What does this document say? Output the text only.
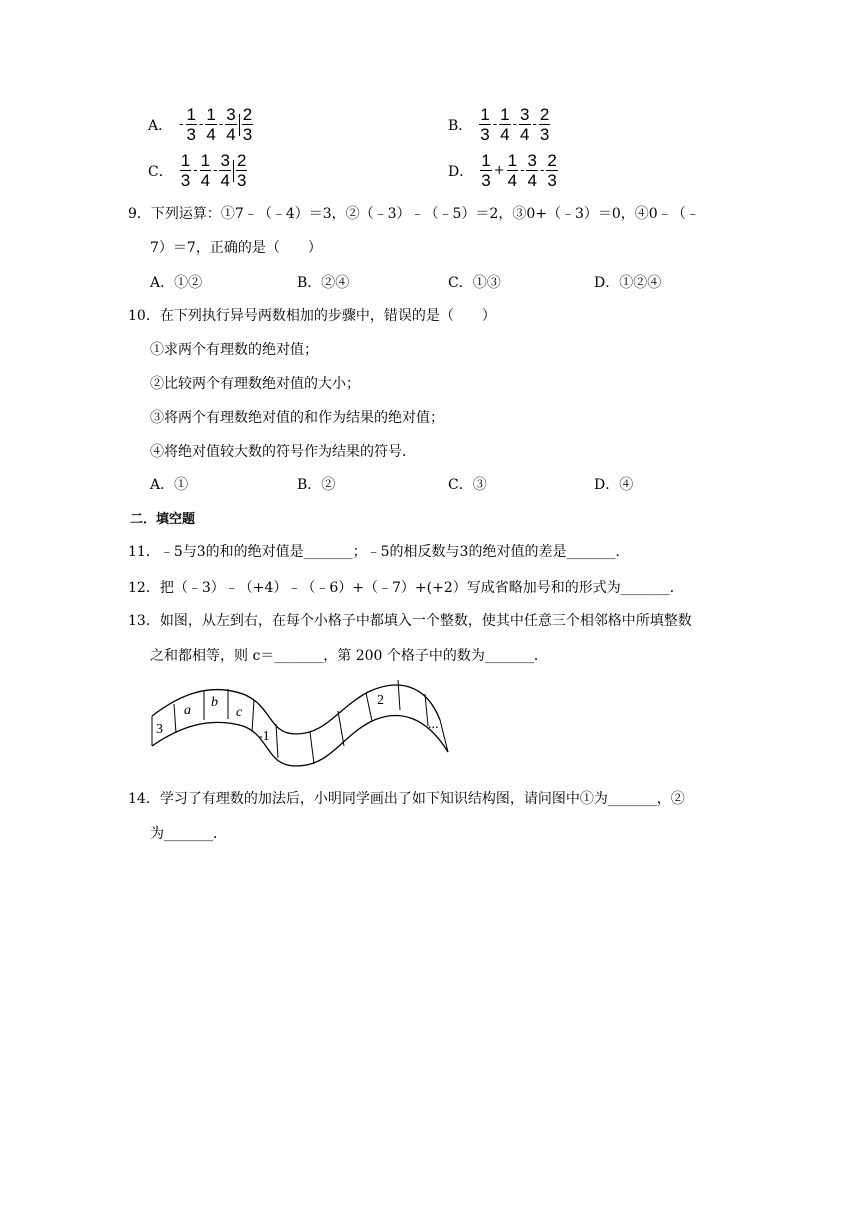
A． - $\frac{1}{3} - \frac{1}{4} - \frac{3}{4} \frac{2}{3}$	B． $\frac{1}{3} - \frac{1}{4} - \frac{3}{4} - \frac{2}{3}$
C． $\frac{1}{3} - \frac{1}{4} - \frac{3}{4} \frac{2}{3}$	D． $\frac{1}{3} + \frac{1}{4} - \frac{3}{4} - \frac{2}{3}$
9．下列运算：①7﹣（﹣4）＝3，②（﹣3）﹣（﹣5）＝2，③0+（﹣3）＝0，④0﹣（﹣
7）＝7，正确的是（　　）
A．①②	B．②④	C．①③	D．①②④
10．在下列执行异号两数相加的步骤中，错误的是（　　）
①求两个有理数的绝对值；
②比较两个有理数绝对值的大小；
③将两个有理数绝对值的和作为结果的绝对值；
④将绝对值较大数的符号作为结果的符号．
A．①	B．②	C．③	D．④
二．填空题
11．﹣5与3的和的绝对值是_______；﹣5的相反数与3的绝对值的差是_______．
12．把（﹣3）﹣（+4）﹣（﹣6）+（﹣7）+(+2）写成省略加号和的形式为_______．
13．如图，从左到右，在每个小格子中都填入一个整数，使其中任意三个相邻格中所填整数
之和都相等，则 c＝_______，第 200 个格子中的数为_______．
3
a
b
c
-1
2
...
14．学习了有理数的加法后，小明同学画出了如下知识结构图，请问图中①为_______，②
为_______．
